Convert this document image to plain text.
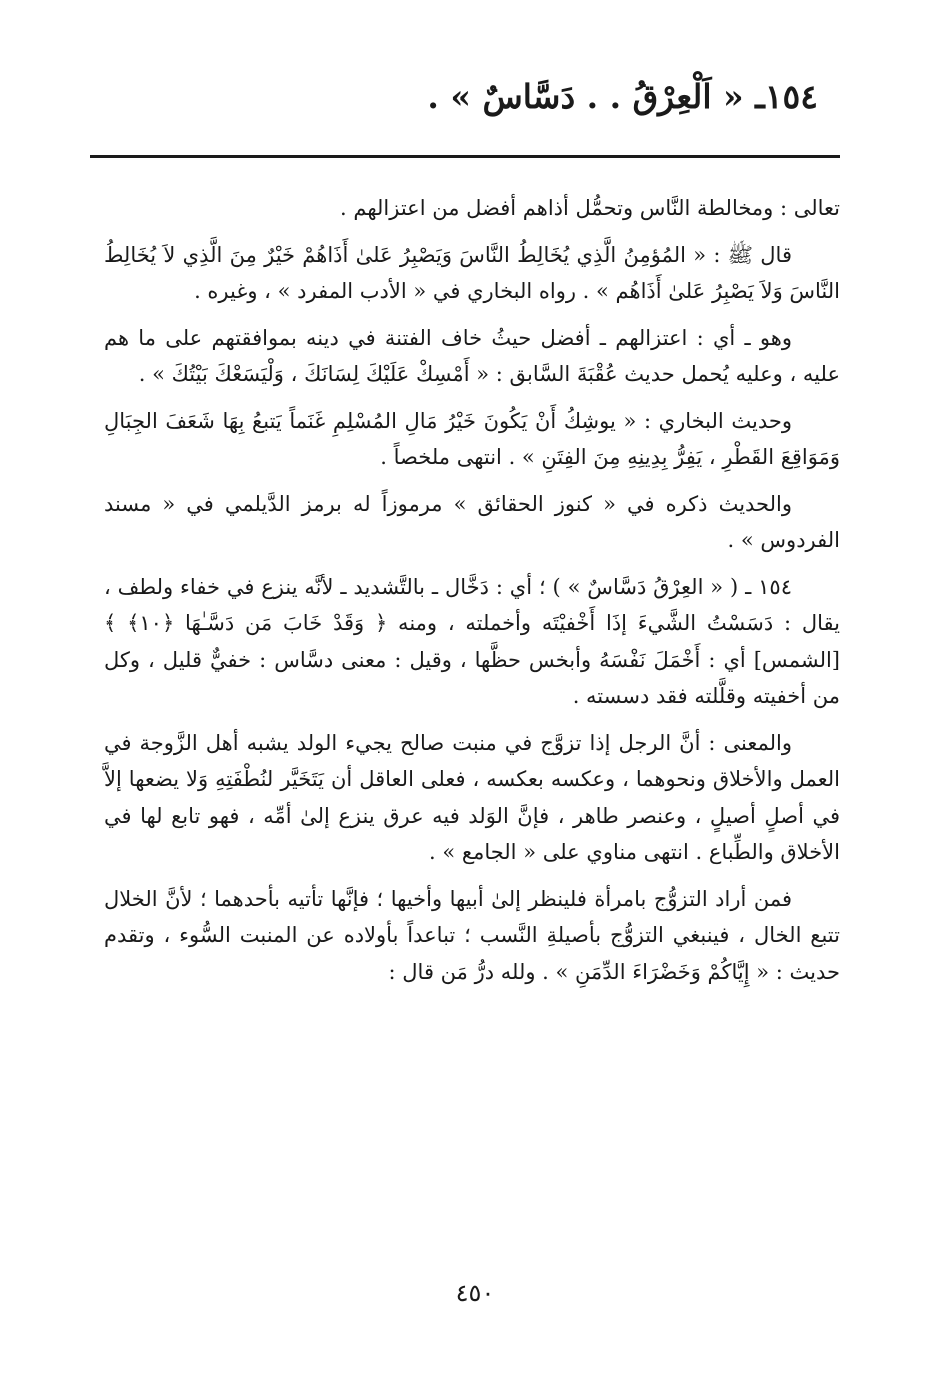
١٥٤ـ « اَلْعِرْقُ . . دَسَّاسٌ » .

تعالى : ومخالطة النَّاس وتحمُّل أذاهم أفضل من اعتزالهم .

قال ﷺ : « المُؤمِنُ الَّذِي يُخَالِطُ النَّاسَ وَيَصْبِرُ عَلىٰ أَذَاهُمْ خَيْرٌ مِنَ الَّذِي لاَ يُخَالِطُ النَّاسَ وَلاَ يَصْبِرُ عَلىٰ أَذَاهُم » . رواه البخاري في « الأدب المفرد » ، وغيره .

وهو ـ أي : اعتزالهم ـ أفضل حيثُ خاف الفتنة في دينه بموافقتهم على ما هم عليه ، وعليه يُحمل حديث عُقْبَةَ السَّابق : « أَمْسِكْ عَلَيْكَ لِسَانَكَ ، وَلْيَسَعْكَ بَيْتُكَ » .

وحديث البخاري : « يوشِكُ أَنْ يَكُونَ خَيْرُ مَالِ المُسْلِمِ غَنَماً يَتبعُ بِهَا شَعَفَ الجِبَالِ وَمَوَاقِعَ القَطْرِ ، يَفِرُّ بِدِينِهِ مِنَ الفِتَنِ » . انتهى ملخصاً .

والحديث ذكره في « كنوز الحقائق » مرموزاً له برمز الدَّيلمي في « مسند الفردوس » .

١٥٤ ـ ( « العِرْقُ دَسَّاسٌ » ) ؛ أي : دَخَّال ـ بالتَّشديد ـ لأنَّه ينزع في خفاء ولطف ، يقال : دَسَسْتُ الشَّيءَ إذَا أَخْفيْتَه وأخملته ، ومنه ﴿ وَقَدْ خَابَ مَن دَسَّـٰهَا ﴿١٠﴾ ﴾ [الشمس] أي : أَخْمَلَ نَفْسَهُ وأبخس حظَّها ، وقيل : معنى دسَّاس : خفيٌّ قليل ، وكل من أخفيته وقلَّلته فقد دسسته .

والمعنى : أنَّ الرجل إذا تزوَّج في منبت صالح يجيء الولد يشبه أهل الزَّوجة في العمل والأخلاق ونحوهما ، وعكسه بعكسه ، فعلى العاقل أن يَتَخَيَّر لنُطْفَتِهِ وَلا يضعها إلاَّ في أصلٍ أصيلٍ ، وعنصر طاهر ، فإنَّ الوَلد فيه عرق ينزع إلىٰ أمِّه ، فهو تابع لها في الأخلاق والطِّباع . انتهى مناوي على « الجامع » .

فمن أراد التزوُّج بامرأة فلينظر إلىٰ أبيها وأخيها ؛ فإنَّها تأتيه بأحدهما ؛ لأنَّ الخلال تتبع الخال ، فينبغي التزوُّج بأصيلةِ النَّسب ؛ تباعداً بأولاده عن المنبت السُّوء ، وتقدم حديث : « إِيَّاكُمْ وَخَضْرَاءَ الدِّمَنِ » . ولله درُّ مَن قال :

٤٥٠
